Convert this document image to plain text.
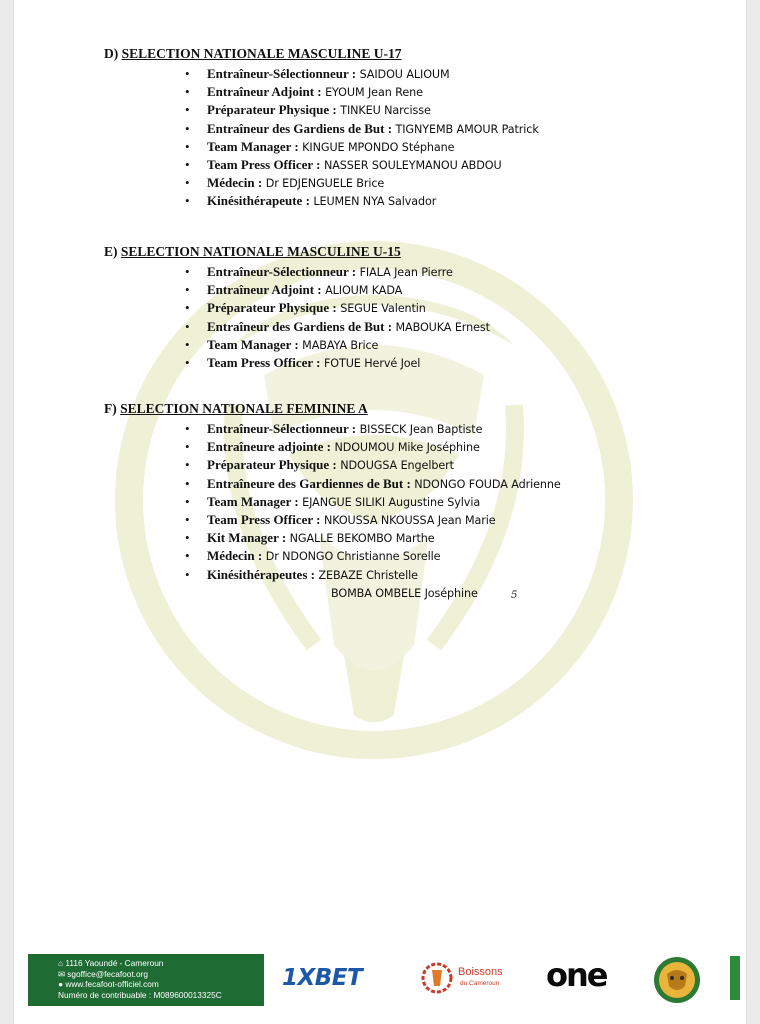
D) SELECTION NATIONALE MASCULINE U-17
• Entraîneur-Sélectionneur : SAIDOU ALIOUM
• Entraîneur Adjoint : EYOUM Jean Rene
• Préparateur Physique : TINKEU Narcisse
• Entraîneur des Gardiens de But : TIGNYEMB AMOUR Patrick
• Team Manager : KINGUE MPONDO Stéphane
• Team Press Officer : NASSER SOULEYMANOU ABDOU
• Médecin : Dr EDJENGUELE Brice
• Kinésithérapeute : LEUMEN NYA Salvador
E) SELECTION NATIONALE MASCULINE U-15
• Entraîneur-Sélectionneur : FIALA Jean Pierre
• Entraîneur Adjoint : ALIOUM KADA
• Préparateur Physique : SEGUE Valentin
• Entraîneur des Gardiens de But : MABOUKA Ernest
• Team Manager : MABAYA Brice
• Team Press Officer : FOTUE Hervé Joel
F) SELECTION NATIONALE FEMININE A
• Entraîneur-Sélectionneur : BISSECK Jean Baptiste
• Entraîneure adjointe : NDOUMOU Mike Joséphine
• Préparateur Physique : NDOUGSA Engelbert
• Entraîneure des Gardiennes de But : NDONGO FOUDA Adrienne
• Team Manager : EJANGUE SILIKI Augustine Sylvia
• Team Press Officer : NKOUSSA NKOUSSA Jean Marie
• Kit Manager : NGALLE BEKOMBO Marthe
• Médecin : Dr NDONGO Christianne Sorelle
• Kinésithérapeutes : ZEBAZE Christelle
BOMBA OMBELE Joséphine	5
⌂ 1116 Yaoundé - Cameroun
✉ sgoffice@fecafoot.org
● www.fecafoot-officiel.com
Numéro de contribuable : M089600013325C
1XBET	Boissons
du Cameroun one
